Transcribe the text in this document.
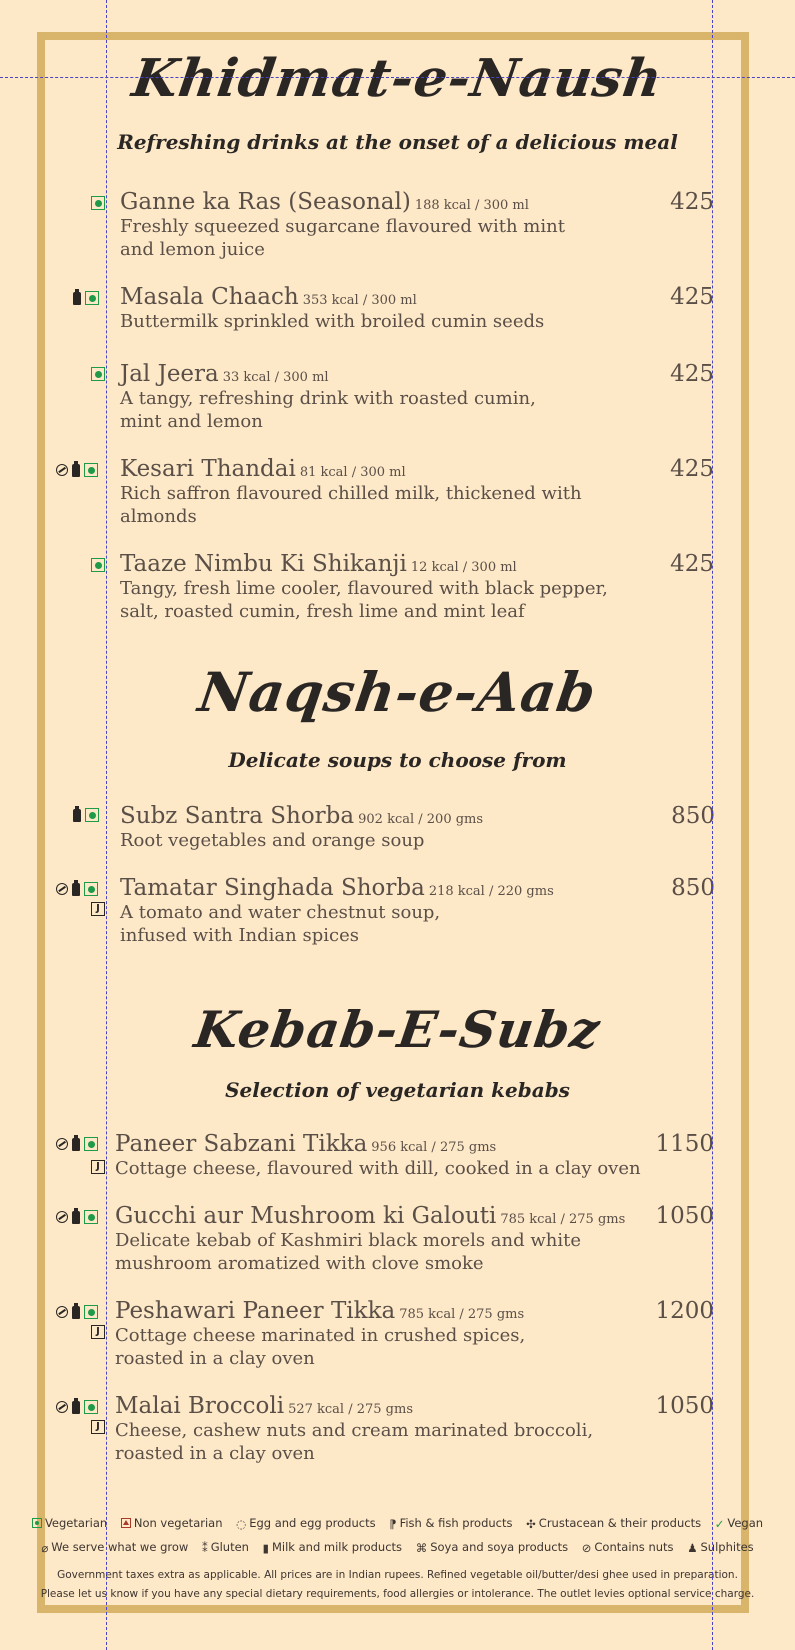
Khidmat-e-Naush
Refreshing drinks at the onset of a delicious meal
Ganne ka Ras (Seasonal) 188 kcal / 300 ml
Freshly squeezed sugarcane flavoured with mint
and lemon juice
425
Masala Chaach 353 kcal / 300 ml
Buttermilk sprinkled with broiled cumin seeds
425
Jal Jeera 33 kcal / 300 ml
A tangy, refreshing drink with roasted cumin,
mint and lemon
425
Kesari Thandai 81 kcal / 300 ml
Rich saffron flavoured chilled milk, thickened with
almonds
425
Taaze Nimbu Ki Shikanji 12 kcal / 300 ml
Tangy, fresh lime cooler, flavoured with black pepper,
salt, roasted cumin, fresh lime and mint leaf
425
Naqsh-e-Aab
Delicate soups to choose from
Subz Santra Shorba 902 kcal / 200 gms
Root vegetables and orange soup
850
J
Tamatar Singhada Shorba 218 kcal / 220 gms
A tomato and water chestnut soup,
infused with Indian spices
850
Kebab-E-Subz
Selection of vegetarian kebabs
J
Paneer Sabzani Tikka 956 kcal / 275 gms
Cottage cheese, flavoured with dill, cooked in a clay oven
1150
Gucchi aur Mushroom ki Galouti 785 kcal / 275 gms
Delicate kebab of Kashmiri black morels and white
mushroom aromatized with clove smoke
1050
J
Peshawari Paneer Tikka 785 kcal / 275 gms
Cottage cheese marinated in crushed spices,
roasted in a clay oven
1200
J
Malai Broccoli 527 kcal / 275 gms
Cheese, cashew nuts and cream marinated broccoli,
roasted in a clay oven
1050
Vegetarian Non vegetarian ◌ Egg and egg products ⁋ Fish & fish products ✣ Crustacean & their products ✓ Vegan
⌀ We serve what we grow ⁑ Gluten ▮ Milk and milk products ⌘ Soya and soya products ⊘ Contains nuts ♟ Sulphites
Government taxes extra as applicable. All prices are in Indian rupees. Refined vegetable oil/butter/desi ghee used in preparation.
Please let us know if you have any special dietary requirements, food allergies or intolerance. The outlet levies optional service charge.
